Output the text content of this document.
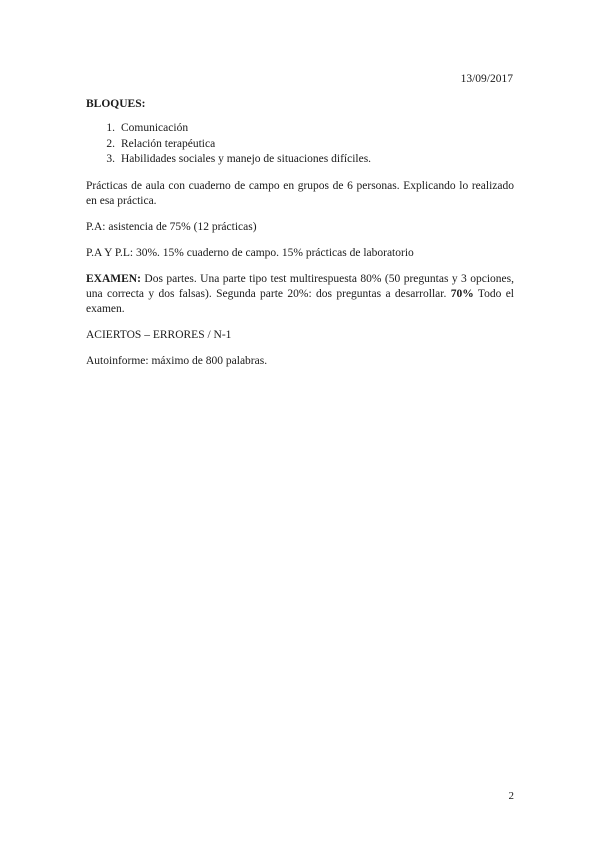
13/09/2017
BLOQUES:
1. Comunicación
2. Relación terapéutica
3. Habilidades sociales y manejo de situaciones difíciles.

Prácticas de aula con cuaderno de campo en grupos de 6 personas. Explicando lo realizado en esa práctica.

P.A: asistencia de 75% (12 prácticas)

P.A Y P.L: 30%. 15% cuaderno de campo. 15% prácticas de laboratorio

EXAMEN: Dos partes. Una parte tipo test multirespuesta 80% (50 preguntas y 3 opciones, una correcta y dos falsas). Segunda parte 20%: dos preguntas a desarrollar. 70% Todo el examen.

ACIERTOS – ERRORES / N-1

Autoinforme: máximo de 800 palabras.

2
